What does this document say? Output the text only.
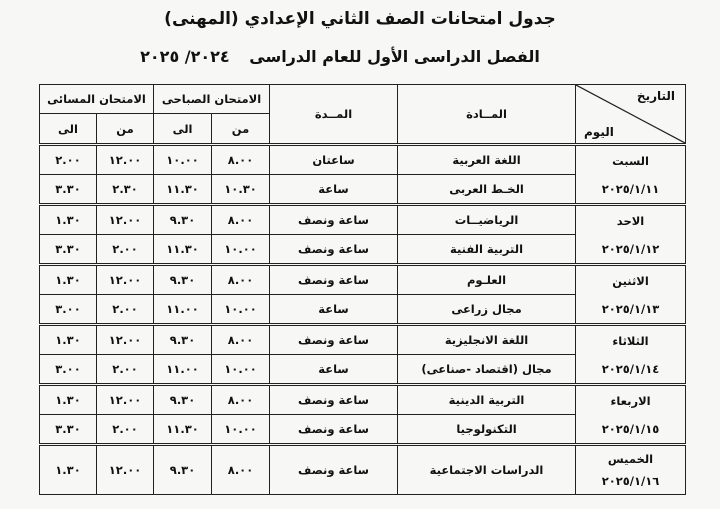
جدول امتحانات الصف الثاني الإعدادي (المهنى)
الفصل الدراسى الأول للعام الدراسى ٢٠٢٤/ ٢٠٢٥
التاريخ
اليوم	المــادة	المــدة	الامتحان الصباحى		الامتحان المسائى	
			من	الى	من	الى

السبت
٢٠٢٥/١/١١	اللغة العربية	ساعتان	٨.٠٠	١٠.٠٠	١٢.٠٠	٢.٠٠
	الخـط العربى	ساعة	١٠.٣٠	١١.٣٠	٢.٣٠	٣.٣٠

الاحد
٢٠٢٥/١/١٢	الرياضيــات	ساعة ونصف	٨.٠٠	٩.٣٠	١٢.٠٠	١.٣٠
	التربية الفنية	ساعة ونصف	١٠.٠٠	١١.٣٠	٢.٠٠	٣.٣٠

الاثنين
٢٠٢٥/١/١٣	العلـوم	ساعة ونصف	٨.٠٠	٩.٣٠	١٢.٠٠	١.٣٠
	مجال زراعى	ساعة	١٠.٠٠	١١.٠٠	٢.٠٠	٣.٠٠

الثلاثاء
٢٠٢٥/١/١٤	اللغة الانجليزية	ساعة ونصف	٨.٠٠	٩.٣٠	١٢.٠٠	١.٣٠
	مجال (اقتصاد -صناعى)	ساعة	١٠.٠٠	١١.٠٠	٢.٠٠	٣.٠٠

الاربعاء
٢٠٢٥/١/١٥	التربية الدينية	ساعة ونصف	٨.٠٠	٩.٣٠	١٢.٠٠	١.٣٠
	التكنولوجيا	ساعة ونصف	١٠.٠٠	١١.٣٠	٢.٠٠	٣.٣٠

الخميس
٢٠٢٥/١/١٦	الدراسات الاجتماعية	ساعة ونصف	٨.٠٠	٩.٣٠	١٢.٠٠	١.٣٠
